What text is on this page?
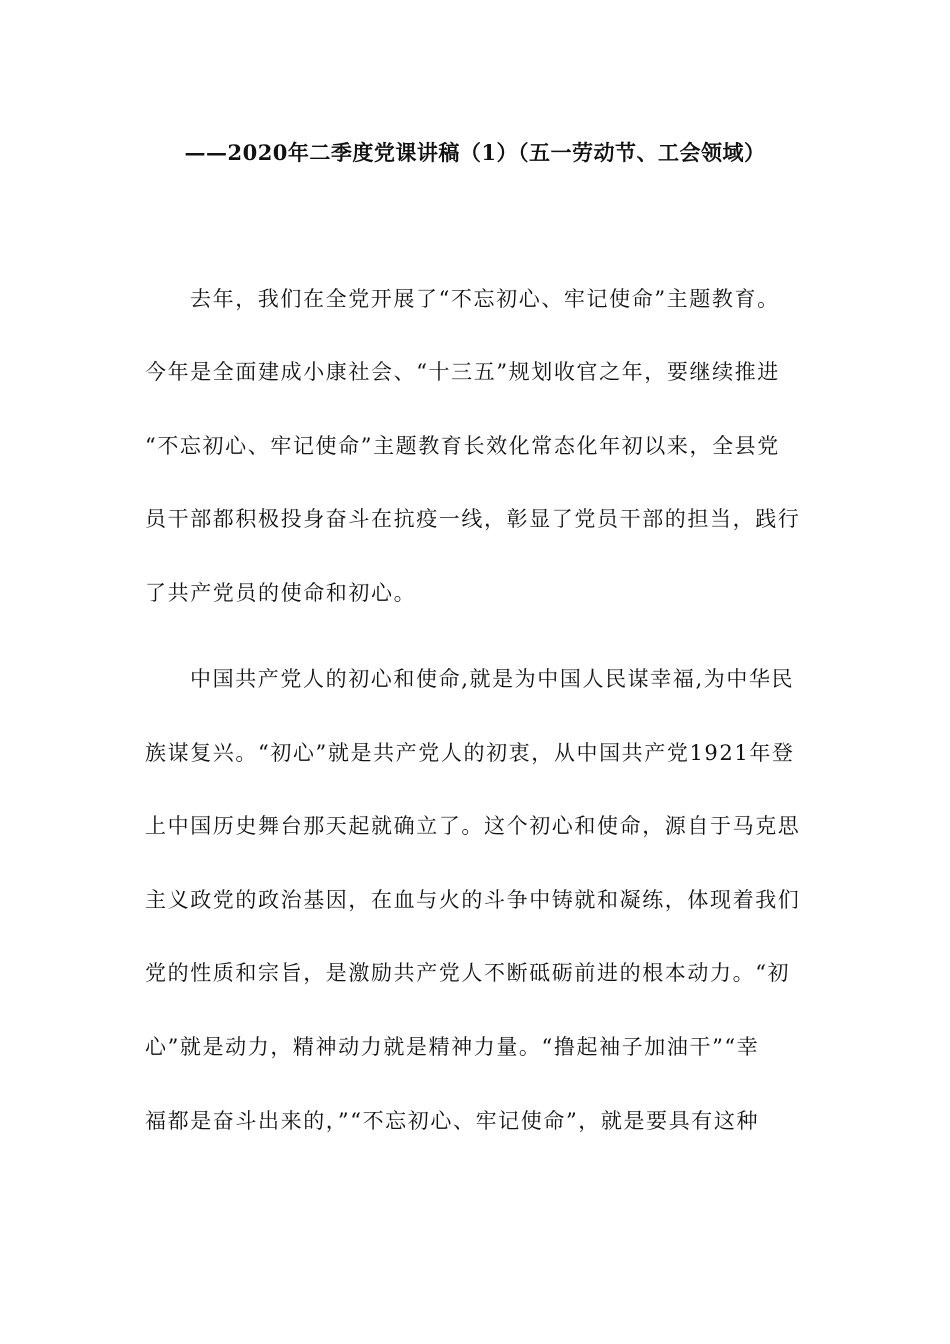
——2020年二季度党课讲稿（1）（五一劳动节、工会领域）
去年，我们在全党开展了“不忘初心、牢记使命”主题教育。
今年是全面建成小康社会、“十三五”规划收官之年，要继续推进
“不忘初心、牢记使命”主题教育长效化常态化年初以来，全县党
员干部都积极投身奋斗在抗疫一线，彰显了党员干部的担当，践行
了共产党员的使命和初心。
中国共产党人的初心和使命,就是为中国人民谋幸福,为中华民
族谋复兴。“初心”就是共产党人的初衷，从中国共产党1921年登
上中国历史舞台那天起就确立了。这个初心和使命，源自于马克思
主义政党的政治基因，在血与火的斗争中铸就和凝练，体现着我们
党的性质和宗旨，是激励共产党人不断砥砺前进的根本动力。“初
心”就是动力，精神动力就是精神力量。“撸起袖子加油干”“幸
福都是奋斗出来的，”“不忘初心、牢记使命”，就是要具有这种
